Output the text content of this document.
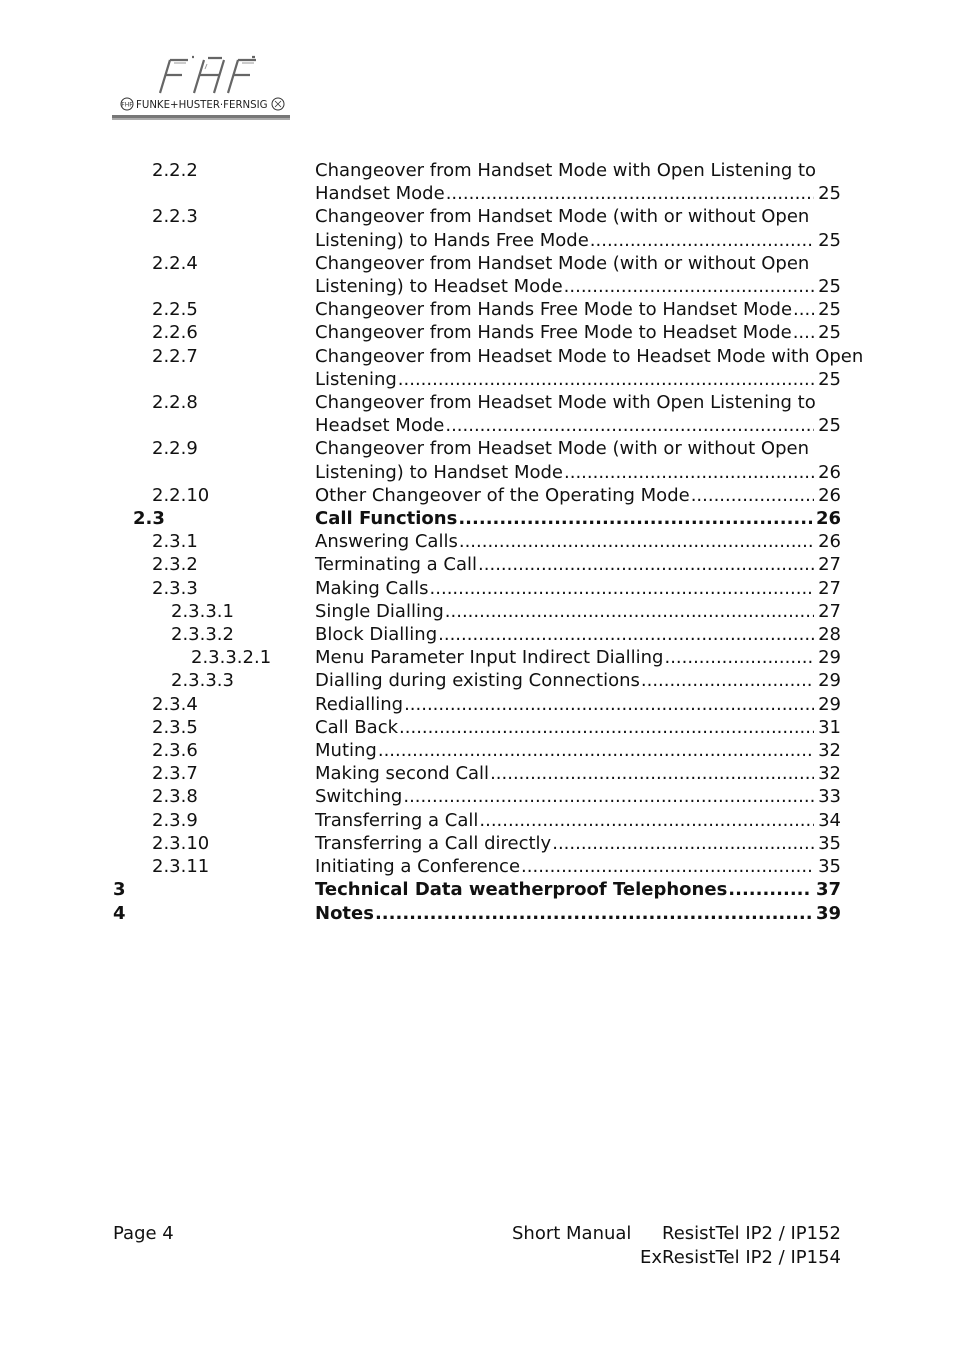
FHF FUNKE+HUSTER·FERNSIG
2.2.2	Changeover from Handset Mode with Open Listening to
Handset Mode .....	25
2.2.3	Changeover from Handset Mode (with or without Open
Listening) to Hands Free Mode .....	25
2.2.4	Changeover from Handset Mode (with or without Open
Listening) to Headset Mode .....	25
2.2.5	Changeover from Hands Free Mode to Handset Mode ..... 25
2.2.6	Changeover from Hands Free Mode to Headset Mode ..... 25
2.2.7	Changeover from Headset Mode to Headset Mode with Open
Listening .....	25
2.2.8	Changeover from Headset Mode with Open Listening to
Headset Mode .....	25
2.2.9	Changeover from Headset Mode (with or without Open
Listening) to Handset Mode .....	26
2.2.10	Other Changeover of the Operating Mode .....	26
2.3	Call Functions .....	26
2.3.1	Answering Calls .....	26
2.3.2	Terminating a Call .....	27
2.3.3	Making Calls .....	27
2.3.3.1	Single Dialling .....	27
2.3.3.2	Block Dialling .....	28
2.3.3.2.1 Menu Parameter Input Indirect Dialling .....	29
2.3.3.3	Dialling during existing Connections .....	29
2.3.4	Redialling .....	29
2.3.5	Call Back .....	31
2.3.6	Muting .....	32
2.3.7	Making second Call .....	32
2.3.8	Switching .....	33
2.3.9	Transferring a Call .....	34
2.3.10	Transferring a Call directly .....	35
2.3.11	Initiating a Conference .....	35
3	Technical Data weatherproof Telephones .....	37
4	Notes .....	39
Page 4	Short Manual	ResistTel IP2 / IP152
ExResistTel IP2 / IP154
